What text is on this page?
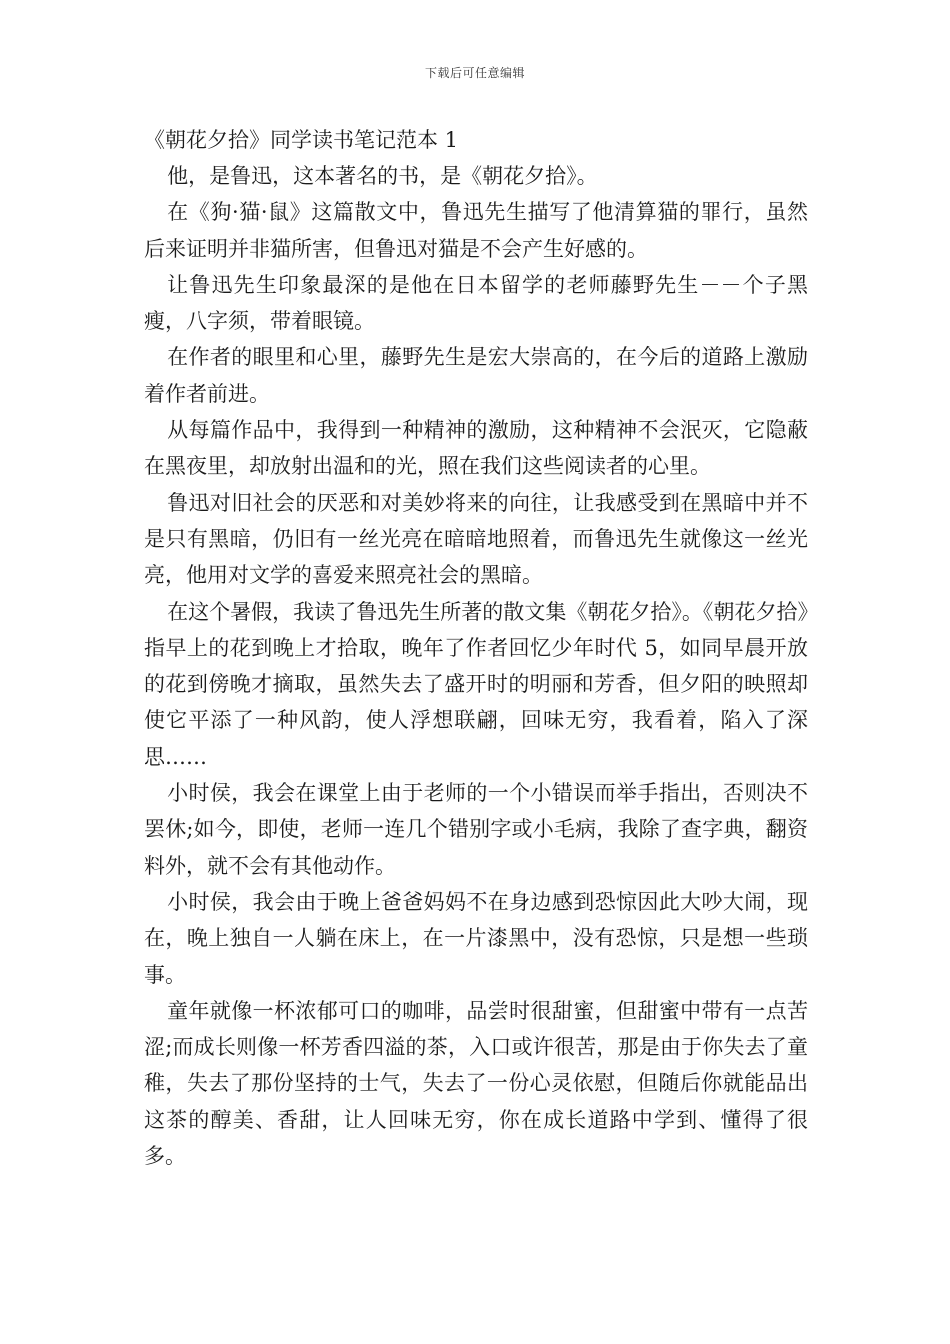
下载后可任意编辑
《朝花夕拾》同学读书笔记范本 1

他，是鲁迅，这本著名的书，是《朝花夕拾》。

在《狗·猫·鼠》这篇散文中，鲁迅先生描写了他清算猫的罪行，虽然后来证明并非猫所害，但鲁迅对猫是不会产生好感的。

让鲁迅先生印象最深的是他在日本留学的老师藤野先生－－个子黑瘦，八字须，带着眼镜。

在作者的眼里和心里，藤野先生是宏大崇高的，在今后的道路上激励着作者前进。

从每篇作品中，我得到一种精神的激励，这种精神不会泯灭，它隐蔽在黑夜里，却放射出温和的光，照在我们这些阅读者的心里。

鲁迅对旧社会的厌恶和对美妙将来的向往，让我感受到在黑暗中并不是只有黑暗，仍旧有一丝光亮在暗暗地照着，而鲁迅先生就像这一丝光亮，他用对文学的喜爱来照亮社会的黑暗。

在这个暑假，我读了鲁迅先生所著的散文集《朝花夕拾》。《朝花夕拾》指早上的花到晚上才拾取，晚年了作者回忆少年时代 5，如同早晨开放的花到傍晚才摘取，虽然失去了盛开时的明丽和芳香，但夕阳的映照却使它平添了一种风韵，使人浮想联翩，回味无穷，我看着，陷入了深思……

小时侯，我会在课堂上由于老师的一个小错误而举手指出，否则决不罢休;如今，即使，老师一连几个错别字或小毛病，我除了查字典，翻资料外，就不会有其他动作。

小时侯，我会由于晚上爸爸妈妈不在身边感到恐惊因此大吵大闹，现在，晚上独自一人躺在床上，在一片漆黑中，没有恐惊，只是想一些琐事。

童年就像一杯浓郁可口的咖啡，品尝时很甜蜜，但甜蜜中带有一点苦涩;而成长则像一杯芳香四溢的茶，入口或许很苦，那是由于你失去了童稚，失去了那份坚持的士气，失去了一份心灵依慰，但随后你就能品出这茶的醇美、香甜，让人回味无穷，你在成长道路中学到、懂得了很多。
